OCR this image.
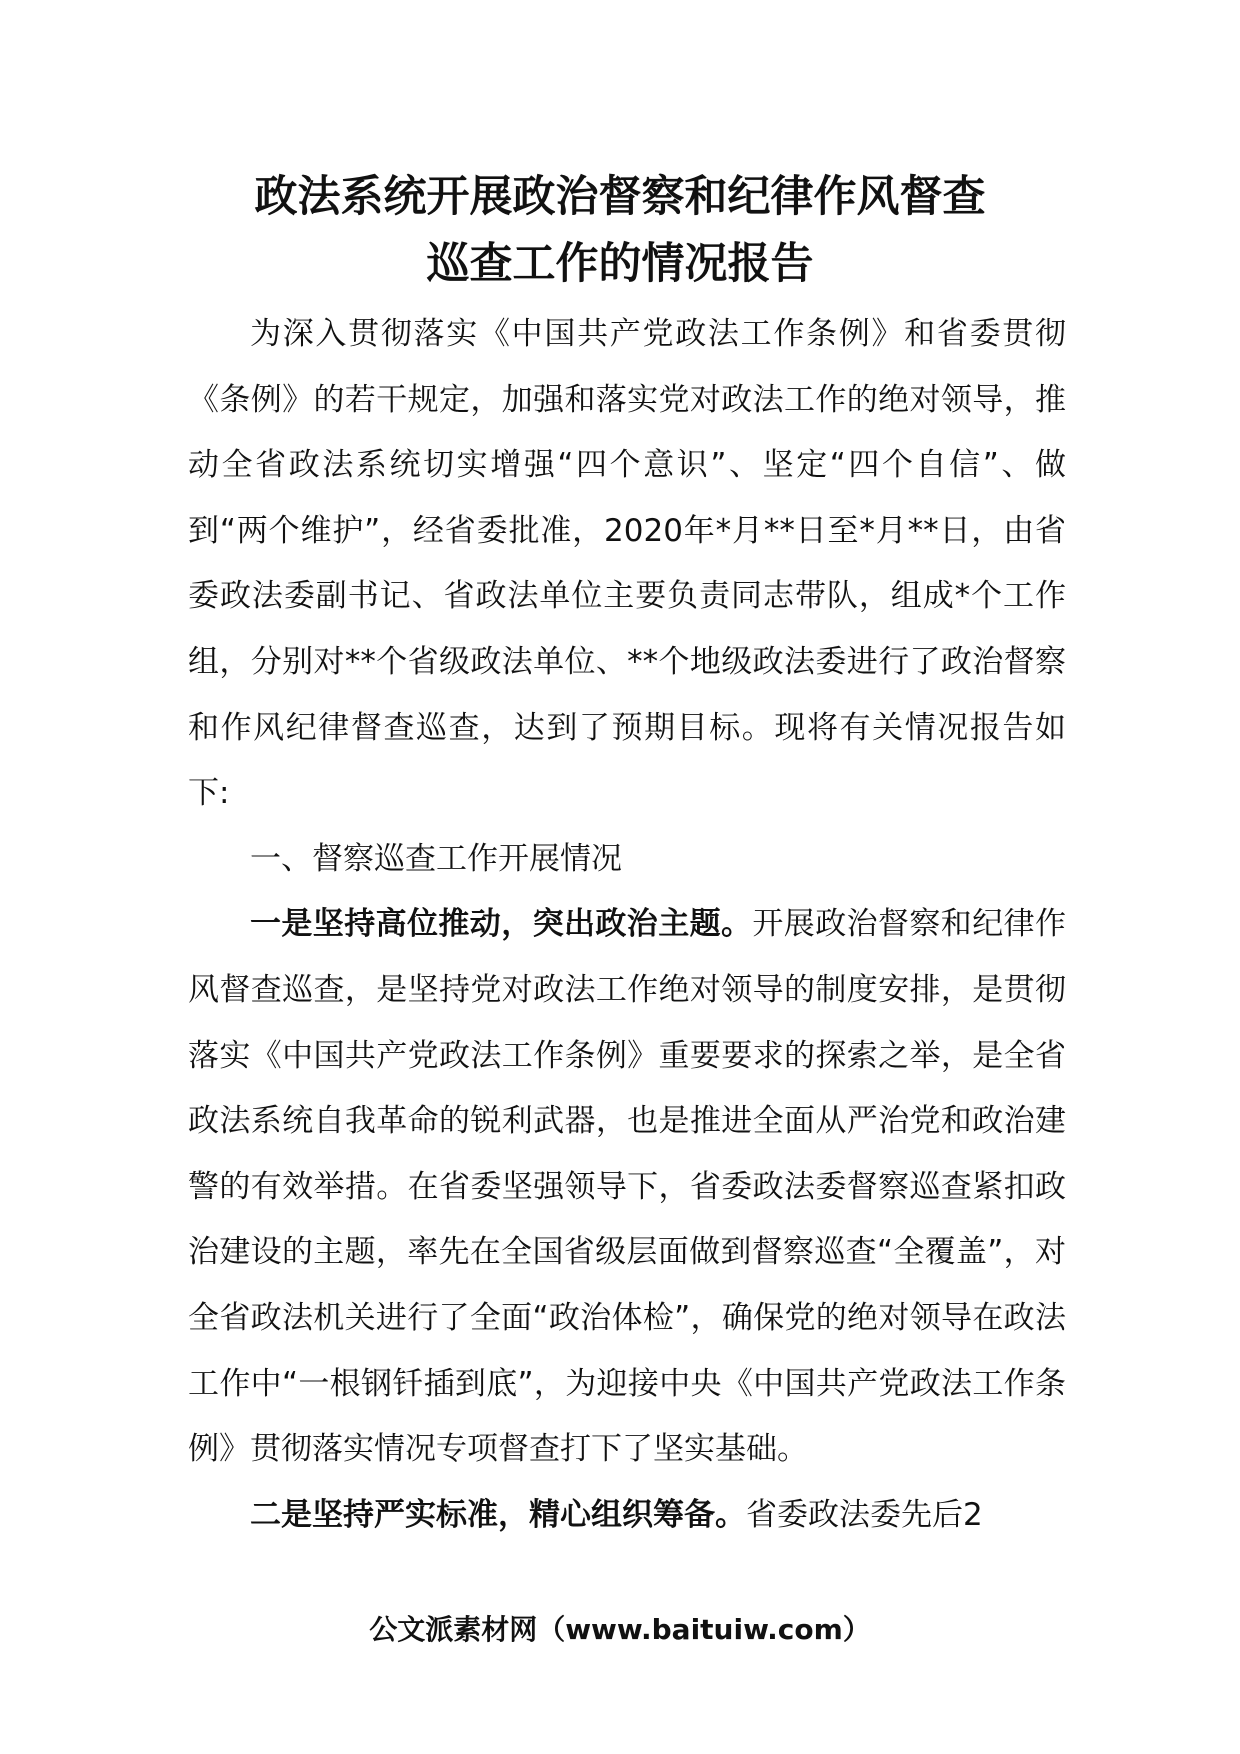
政法系统开展政治督察和纪律作风督查
巡查工作的情况报告

为深入贯彻落实《中国共产党政法工作条例》和省委贯彻《条例》的若干规定，加强和落实党对政法工作的绝对领导，推动全省政法系统切实增强“四个意识”、坚定“四个自信”、做到“两个维护”，经省委批准，2020年*月**日至*月**日，由省委政法委副书记、省政法单位主要负责同志带队，组成*个工作组，分别对**个省级政法单位、**个地级政法委进行了政治督察和作风纪律督查巡查，达到了预期目标。现将有关情况报告如下:

一、督察巡查工作开展情况

一是坚持高位推动，突出政治主题。开展政治督察和纪律作风督查巡查，是坚持党对政法工作绝对领导的制度安排，是贯彻落实《中国共产党政法工作条例》重要要求的探索之举，是全省政法系统自我革命的锐利武器，也是推进全面从严治党和政治建警的有效举措。在省委坚强领导下，省委政法委督察巡查紧扣政治建设的主题，率先在全国省级层面做到督察巡查“全覆盖”，对全省政法机关进行了全面“政治体检”，确保党的绝对领导在政法工作中“一根钢钎插到底”，为迎接中央《中国共产党政法工作条例》贯彻落实情况专项督查打下了坚实基础。

二是坚持严实标准，精心组织筹备。省委政法委先后2

公文派素材网（www.baituiw.com）
